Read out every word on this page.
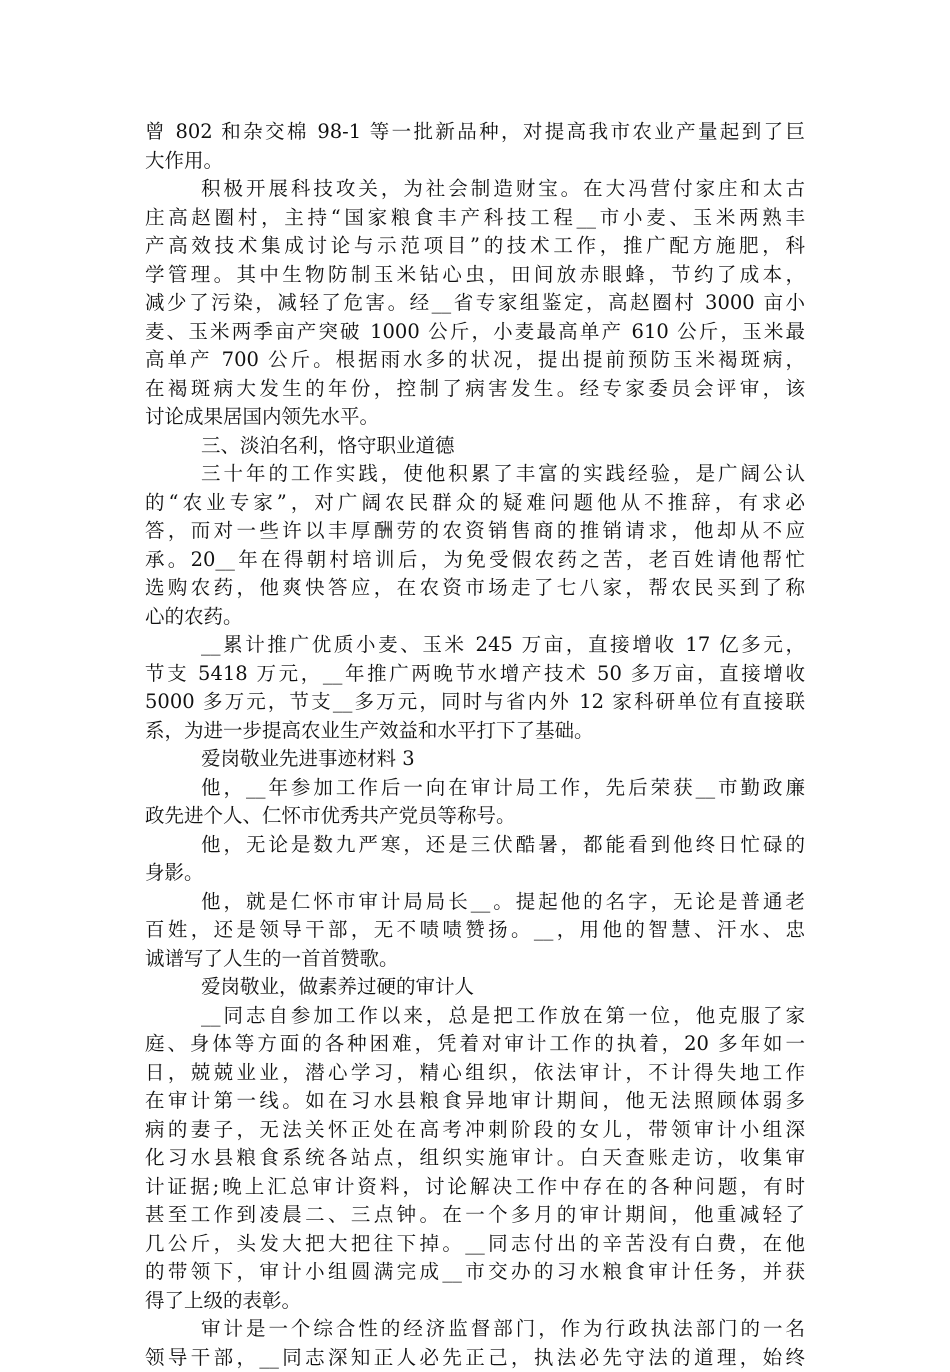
曾 802 和杂交棉 98-1 等一批新品种，对提高我市农业产量起到了巨
大作用。
积极开展科技攻关，为社会制造财宝。在大冯营付家庄和太古
庄高赵圈村，主持“国家粮食丰产科技工程__市小麦、玉米两熟丰
产高效技术集成讨论与示范项目”的技术工作，推广配方施肥，科
学管理。其中生物防制玉米钻心虫，田间放赤眼蜂，节约了成本，
减少了污染，减轻了危害。经__省专家组鉴定，高赵圈村 3000 亩小
麦、玉米两季亩产突破 1000 公斤，小麦最高单产 610 公斤，玉米最
高单产 700 公斤。根据雨水多的状况，提出提前预防玉米褐斑病，
在褐斑病大发生的年份，控制了病害发生。经专家委员会评审，该
讨论成果居国内领先水平。
三、淡泊名利，恪守职业道德
三十年的工作实践，使他积累了丰富的实践经验，是广阔公认
的“农业专家”，对广阔农民群众的疑难问题他从不推辞，有求必
答，而对一些许以丰厚酬劳的农资销售商的推销请求，他却从不应
承。20__年在得朝村培训后，为免受假农药之苦，老百姓请他帮忙
选购农药，他爽快答应，在农资市场走了七八家，帮农民买到了称
心的农药。
__累计推广优质小麦、玉米 245 万亩，直接增收 17 亿多元，
节支 5418 万元，__年推广两晚节水增产技术 50 多万亩，直接增收
5000 多万元，节支__多万元，同时与省内外 12 家科研单位有直接联
系，为进一步提高农业生产效益和水平打下了基础。
爱岗敬业先进事迹材料 3
他，__年参加工作后一向在审计局工作，先后荣获__市勤政廉
政先进个人、仁怀市优秀共产党员等称号。
他，无论是数九严寒，还是三伏酷暑，都能看到他终日忙碌的
身影。
他，就是仁怀市审计局局长__。提起他的名字，无论是普通老
百姓，还是领导干部，无不啧啧赞扬。__，用他的智慧、汗水、忠
诚谱写了人生的一首首赞歌。
爱岗敬业，做素养过硬的审计人
__同志自参加工作以来，总是把工作放在第一位，他克服了家
庭、身体等方面的各种困难，凭着对审计工作的执着，20 多年如一
日，兢兢业业，潜心学习，精心组织，依法审计，不计得失地工作
在审计第一线。如在习水县粮食异地审计期间，他无法照顾体弱多
病的妻子，无法关怀正处在高考冲刺阶段的女儿，带领审计小组深
化习水县粮食系统各站点，组织实施审计。白天查账走访，收集审
计证据;晚上汇总审计资料，讨论解决工作中存在的各种问题，有时
甚至工作到凌晨二、三点钟。在一个多月的审计期间，他重减轻了
几公斤，头发大把大把往下掉。__同志付出的辛苦没有白费，在他
的带领下，审计小组圆满完成__市交办的习水粮食审计任务，并获
得了上级的表彰。
审计是一个综合性的经济监督部门，作为行政执法部门的一名
领导干部，__同志深知正人必先正己，执法必先守法的道理，始终
